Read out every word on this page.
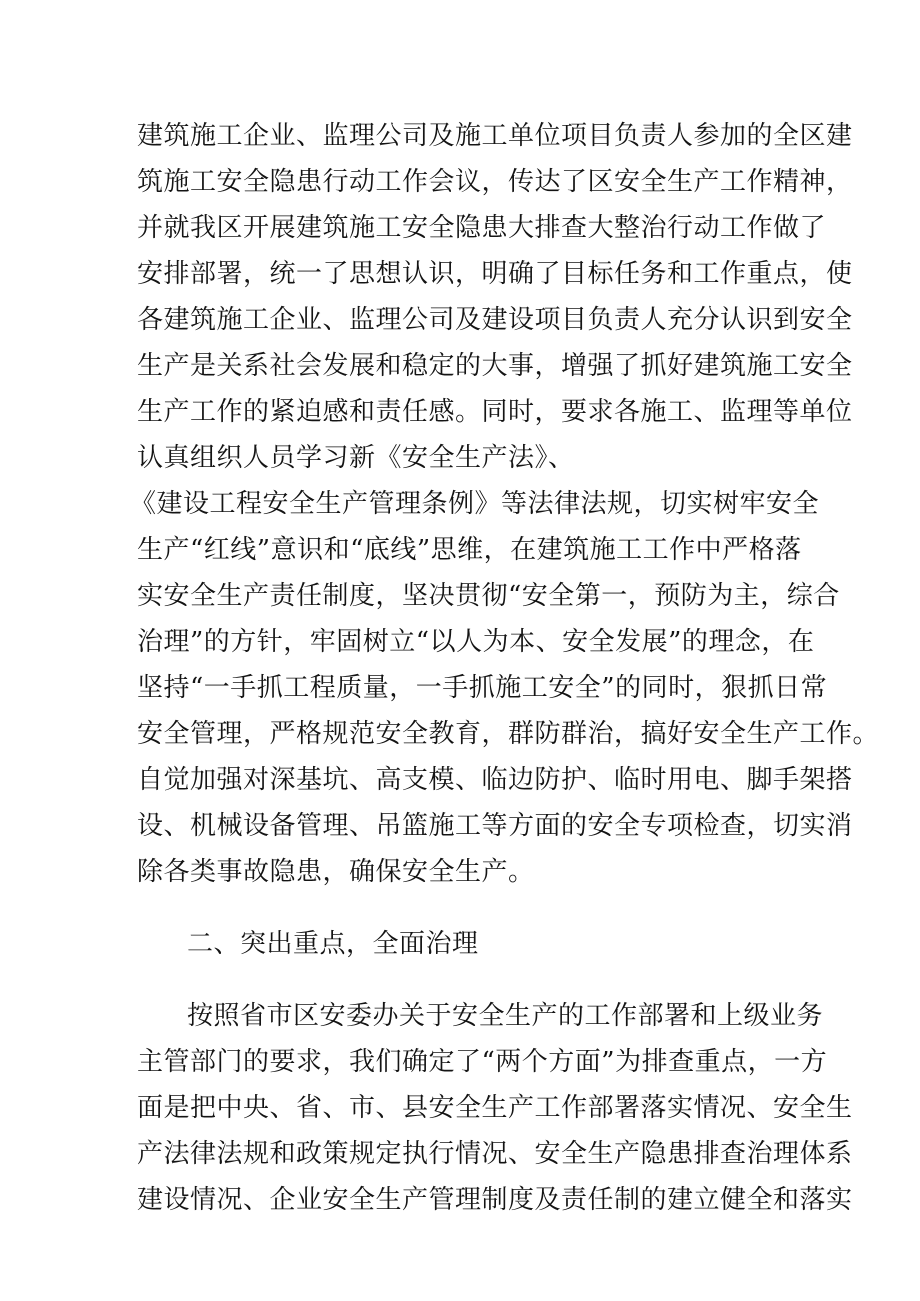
建筑施工企业、监理公司及施工单位项目负责人参加的全区建
筑施工安全隐患行动工作会议，传达了区安全生产工作精神，
并就我区开展建筑施工安全隐患大排查大整治行动工作做了
安排部署，统一了思想认识，明确了目标任务和工作重点，使
各建筑施工企业、监理公司及建设项目负责人充分认识到安全
生产是关系社会发展和稳定的大事，增强了抓好建筑施工安全
生产工作的紧迫感和责任感。同时，要求各施工、监理等单位
认真组织人员学习新《安全生产法》、
《建设工程安全生产管理条例》等法律法规，切实树牢安全
生产“红线”意识和“底线”思维，在建筑施工工作中严格落
实安全生产责任制度，坚决贯彻“安全第一，预防为主，综合
治理”的方针，牢固树立“以人为本、安全发展”的理念，在
坚持“一手抓工程质量，一手抓施工安全”的同时，狠抓日常
安全管理，严格规范安全教育，群防群治，搞好安全生产工作。
自觉加强对深基坑、高支模、临边防护、临时用电、脚手架搭
设、机械设备管理、吊篮施工等方面的安全专项检查，切实消
除各类事故隐患，确保安全生产。
二、突出重点，全面治理
按照省市区安委办关于安全生产的工作部署和上级业务
主管部门的要求，我们确定了“两个方面”为排查重点，一方
面是把中央、省、市、县安全生产工作部署落实情况、安全生
产法律法规和政策规定执行情况、安全生产隐患排查治理体系
建设情况、企业安全生产管理制度及责任制的建立健全和落实
